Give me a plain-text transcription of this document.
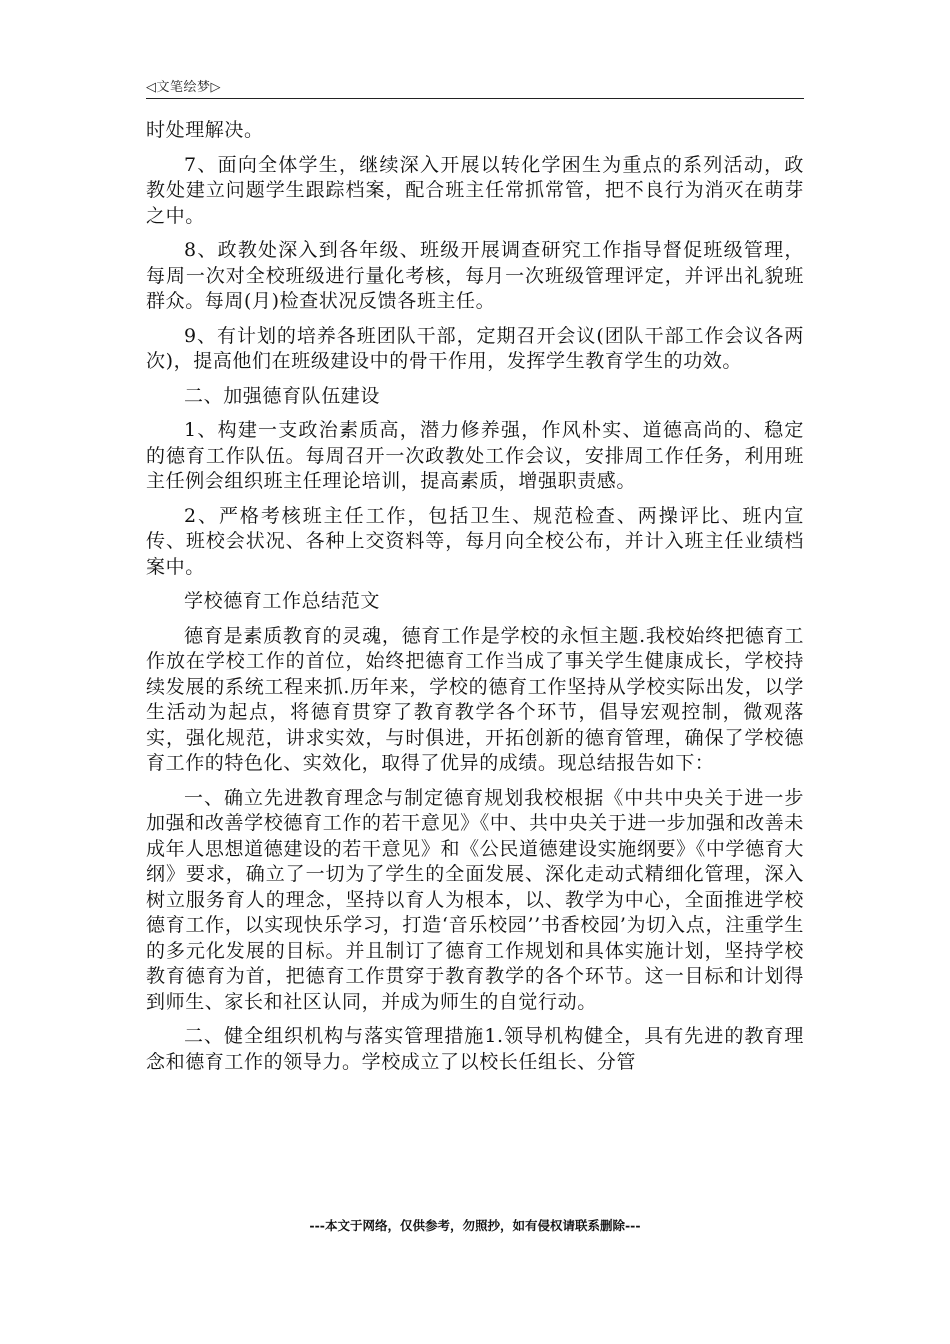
◁文笔绘梦▷

时处理解决。

7、面向全体学生，继续深入开展以转化学困生为重点的系列活动，政教处建立问题学生跟踪档案，配合班主任常抓常管，把不良行为消灭在萌芽之中。

8、政教处深入到各年级、班级开展调查研究工作指导督促班级管理，每周一次对全校班级进行量化考核，每月一次班级管理评定，并评出礼貌班群众。每周(月)检查状况反馈各班主任。

9、有计划的培养各班团队干部，定期召开会议(团队干部工作会议各两次)，提高他们在班级建设中的骨干作用，发挥学生教育学生的功效。

二、加强德育队伍建设

1、构建一支政治素质高，潜力修养强，作风朴实、道德高尚的、稳定的德育工作队伍。每周召开一次政教处工作会议，安排周工作任务，利用班主任例会组织班主任理论培训，提高素质，增强职责感。

2、严格考核班主任工作，包括卫生、规范检查、两操评比、班内宣传、班校会状况、各种上交资料等，每月向全校公布，并计入班主任业绩档案中。

学校德育工作总结范文

德育是素质教育的灵魂，德育工作是学校的永恒主题.我校始终把德育工作放在学校工作的首位，始终把德育工作当成了事关学生健康成长，学校持续发展的系统工程来抓.历年来，学校的德育工作坚持从学校实际出发，以学生活动为起点，将德育贯穿了教育教学各个环节，倡导宏观控制，微观落实，强化规范，讲求实效，与时俱进，开拓创新的德育管理，确保了学校德育工作的特色化、实效化，取得了优异的成绩。现总结报告如下：

一、确立先进教育理念与制定德育规划我校根据《中共中央关于进一步加强和改善学校德育工作的若干意见》《中、共中央关于进一步加强和改善未成年人思想道德建设的若干意见》和《公民道德建设实施纲要》《中学德育大纲》要求，确立了一切为了学生的全面发展、深化走动式精细化管理，深入树立服务育人的理念，坚持以育人为根本，以、教学为中心，全面推进学校德育工作，以实现快乐学习，打造‘音乐校园’’书香校园’为切入点，注重学生的多元化发展的目标。并且制订了德育工作规划和具体实施计划，坚持学校教育德育为首，把德育工作贯穿于教育教学的各个环节。这一目标和计划得到师生、家长和社区认同，并成为师生的自觉行动。

二、健全组织机构与落实管理措施1.领导机构健全，具有先进的教育理念和德育工作的领导力。学校成立了以校长任组长、分管

---本文于网络，仅供参考，勿照抄，如有侵权请联系删除---
